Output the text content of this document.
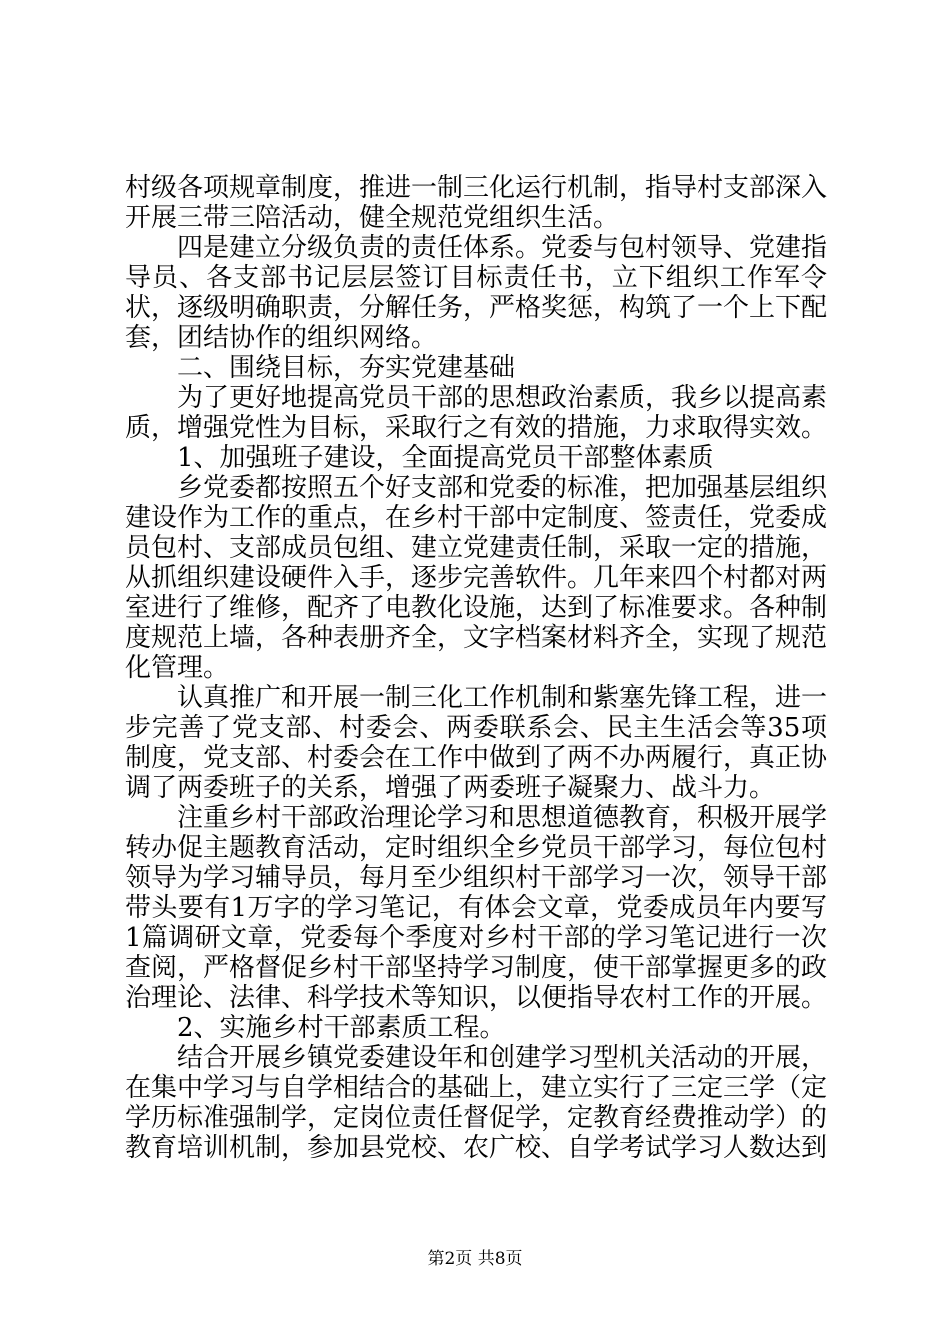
村级各项规章制度，推进一制三化运行机制，指导村支部深入开展三带三陪活动，健全规范党组织生活。

四是建立分级负责的责任体系。党委与包村领导、党建指导员、各支部书记层层签订目标责任书，立下组织工作军令状，逐级明确职责，分解任务，严格奖惩，构筑了一个上下配套，团结协作的组织网络。

二、围绕目标，夯实党建基础

为了更好地提高党员干部的思想政治素质，我乡以提高素质，增强党性为目标，采取行之有效的措施，力求取得实效。

1、加强班子建设，全面提高党员干部整体素质

乡党委都按照五个好支部和党委的标准，把加强基层组织建设作为工作的重点，在乡村干部中定制度、签责任，党委成员包村、支部成员包组、建立党建责任制，采取一定的措施，从抓组织建设硬件入手，逐步完善软件。几年来四个村都对两室进行了维修，配齐了电教化设施，达到了标准要求。各种制度规范上墙，各种表册齐全，文字档案材料齐全，实现了规范化管理。

认真推广和开展一制三化工作机制和紫塞先锋工程，进一步完善了党支部、村委会、两委联系会、民主生活会等35项制度，党支部、村委会在工作中做到了两不办两履行，真正协调了两委班子的关系，增强了两委班子凝聚力、战斗力。

注重乡村干部政治理论学习和思想道德教育，积极开展学转办促主题教育活动，定时组织全乡党员干部学习，每位包村领导为学习辅导员，每月至少组织村干部学习一次，领导干部带头要有1万字的学习笔记，有体会文章，党委成员年内要写1篇调研文章，党委每个季度对乡村干部的学习笔记进行一次查阅，严格督促乡村干部坚持学习制度，使干部掌握更多的政治理论、法律、科学技术等知识，以便指导农村工作的开展。

2、实施乡村干部素质工程。

结合开展乡镇党委建设年和创建学习型机关活动的开展，在集中学习与自学相结合的基础上，建立实行了三定三学（定学历标准强制学，定岗位责任督促学，定教育经费推动学）的教育培训机制，参加县党校、农广校、自学考试学习人数达到

第2页 共8页
